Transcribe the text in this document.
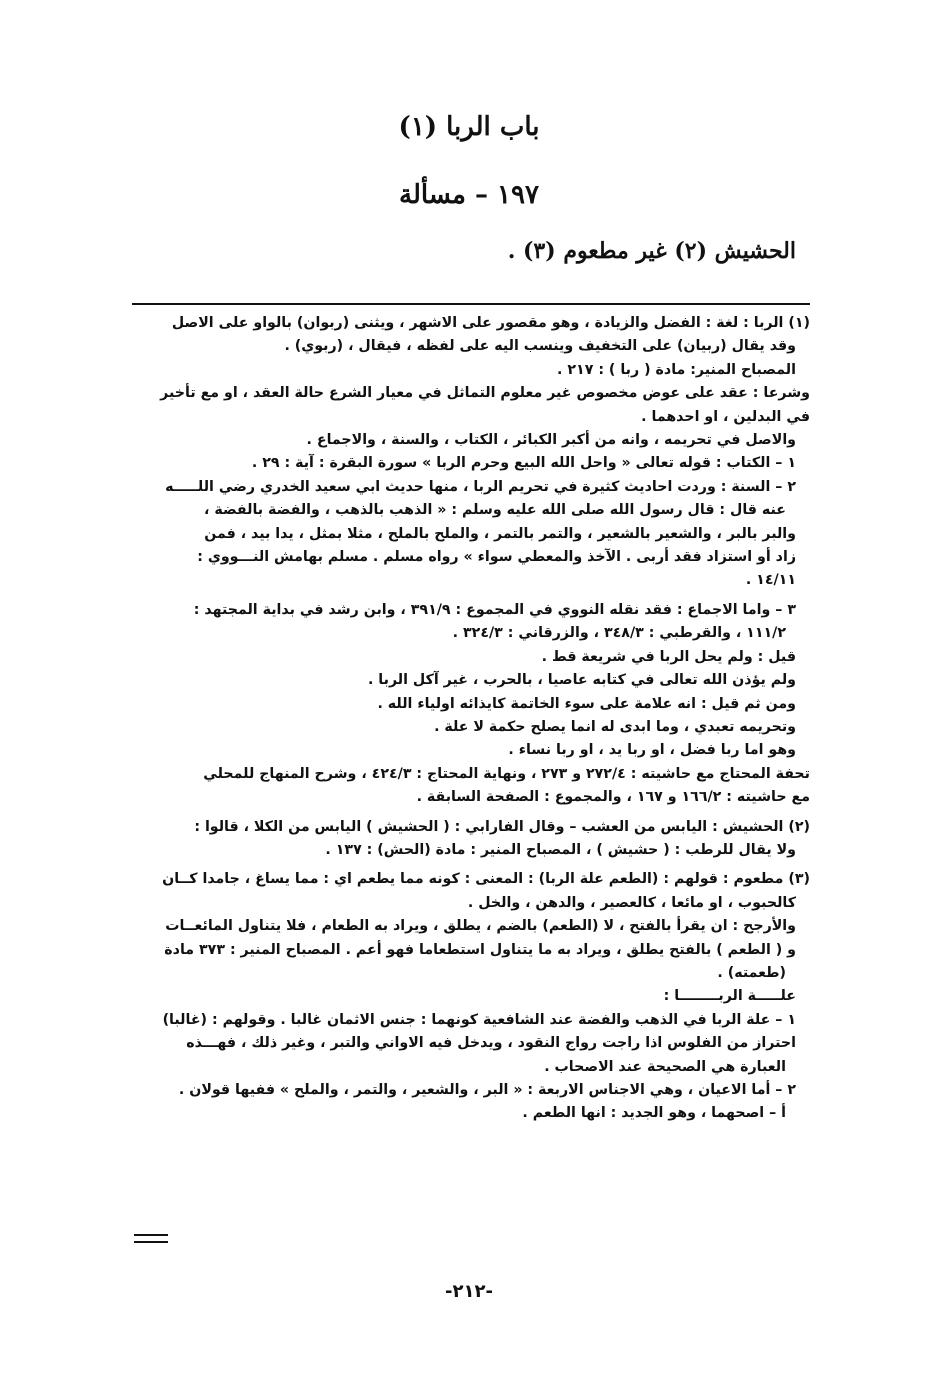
باب الربا (١)
١٩٧ – مسألة
الحشيش (٢) غير مطعوم (٣) .

(١) الربا : لغة : الفضل والزيادة ، وهو مقصور على الاشهر ، ويثنى (ربوان) بالواو على الاصل

وقد يقال (ربيان) على التخفيف وينسب اليه على لفظه ، فيقال ، (ربوي) .

المصباح المنير: مادة ( ربا ) : ٢١٧ .

وشرعا : عقد على عوض مخصوص غير معلوم التماثل في معيار الشرع حالة العقد ، او مع تأخير

في البدلين ، او احدهما .

والاصل في تحريمه ، وانه من أكبر الكبائر ، الكتاب ، والسنة ، والاجماع .

١ – الكتاب : قوله تعالى « واحل الله البيع وحرم الربا » سورة البقرة : آية : ٢٩ .

٢ – السنة : وردت احاديث كثيرة في تحريم الربا ، منها حديث ابي سعيد الخدري رضي اللـــــه

عنه قال : قال رسول الله صلى الله عليه وسلم : « الذهب بالذهب ، والفضة بالفضة ،

والبر بالبر ، والشعير بالشعير ، والتمر بالتمر ، والملح بالملح ، مثلا بمثل ، يدا بيد ، فمن

زاد أو استزاد فقد أربى . الآخذ والمعطي سواء » رواه مسلم . مسلم بهامش النـــووي :

١٤/١١ .

٣ – واما الاجماع : فقد نقله النووي في المجموع : ٣٩١/٩ ، وابن رشد في بداية المجتهد :

١١١/٢ ، والقرطبي : ٣٤٨/٣ ، والزرقاني : ٣٢٤/٣ .

قيل : ولم يحل الربا في شريعة قط .

ولم يؤذن الله تعالى في كتابه عاصيا ، بالحرب ، غير آكل الربا .

ومن ثم قيل : انه علامة على سوء الخاتمة كايذائه اولياء الله .

وتحريمه تعبدي ، وما ابدى له انما يصلح حكمة لا علة .

وهو اما ربا فضل ، او ربا يد ، او ربا نساء .

تحفة المحتاج مع حاشيته : ٢٧٢/٤ و ٢٧٣ ، ونهاية المحتاج : ٤٢٤/٣ ، وشرح المنهاج للمحلي

مع حاشيته : ١٦٦/٢ و ١٦٧ ، والمجموع : الصفحة السابقة .

(٢) الحشيش : اليابس من العشب – وقال الفارابي : ( الحشيش ) اليابس من الكلا ، قالوا :

ولا يقال للرطب : ( حشيش ) ، المصباح المنير : مادة (الحش) : ١٣٧ .

(٣) مطعوم : قولهم : (الطعم علة الربا) : المعنى : كونه مما يطعم اي : مما يساغ ، جامدا كــان

كالحبوب ، او مائعا ، كالعصير ، والدهن ، والخل .

والأرجح : ان يقرأ بالفتح ، لا (الطعم) بالضم ، يطلق ، ويراد به الطعام ، فلا يتناول المائعــات

و ( الطعم ) بالفتح يطلق ، ويراد به ما يتناول استطعاما فهو أعم . المصباح المنير : ٣٧٣ مادة

(طعمته) .

علـــــة الربــــــــا :

١ – علة الربا في الذهب والفضة عند الشافعية كونهما : جنس الاثمان غالبا . وقولهم : (غالبا)

احتراز من الفلوس اذا راجت رواج النقود ، ويدخل فيه الاواني والتبر ، وغير ذلك ، فهـــذه

العبارة هي الصحيحة عند الاصحاب .

٢ – أما الاعيان ، وهي الاجناس الاربعة : « البر ، والشعير ، والتمر ، والملح » ففيها قولان .

أ – اصحهما ، وهو الجديد : انها الطعم .

-٢١٢-
